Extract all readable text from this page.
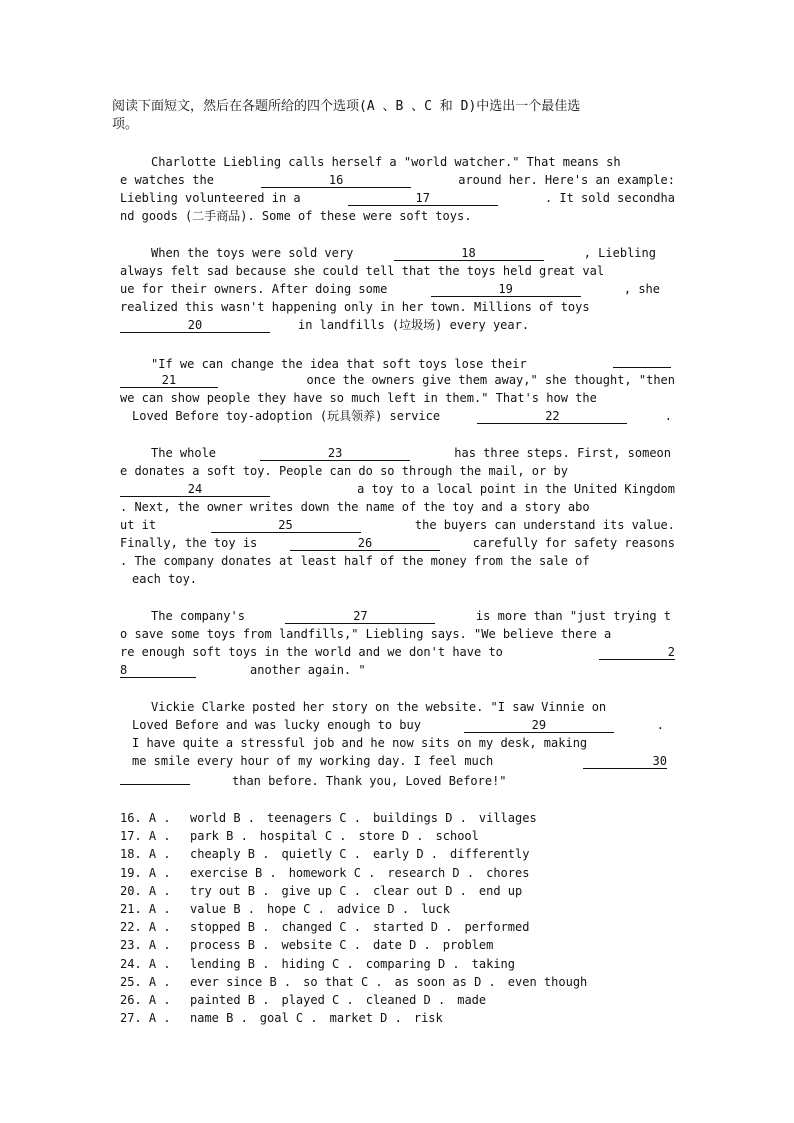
阅读下面短文，然后在各题所给的四个选项(A 、B 、C 和 D)中选出一个最佳选
项。
Charlotte Liebling calls herself a "world watcher." That means sh
e watches the	16	around her. Here's an example:
Liebling volunteered in a	17	. It sold secondha
nd goods (二手商品). Some of these were soft toys.
When the toys were sold very	18	, Liebling
always felt sad because she could tell that the toys held great val
ue for their owners. After doing some	19	, she
realized this wasn't happening only in her town. Millions of toys
20	in landfills (垃圾场) every year.
"If we can change the idea that soft toys lose their
21	once the owners give them away," she thought, "then
we can show people they have so much left in them." That's how the
Loved Before toy-adoption (玩具领养) service	22	.
The whole	23	has three steps. First, someon
e donates a soft toy. People can do so through the mail, or by
24	a toy to a local point in the United Kingdom
. Next, the owner writes down the name of the toy and a story abo
ut it	25	the buyers can understand its value.
Finally, the toy is	26	carefully for safety reasons
. The company donates at least half of the money from the sale of
each toy.
The company's	27	is more than "just trying t
o save some toys from landfills," Liebling says. "We believe there a
re enough soft toys in the world and we don't have to	2
8	another again. "
Vickie Clarke posted her story on the website. "I saw Vinnie on
Loved Before and was lucky enough to buy	29	.
I have quite a stressful job and he now sits on my desk, making
me smile every hour of my working day. I feel much	30
than before. Thank you, Loved Before!"
16. A . world B . teenagers C . buildings D . villages
17. A . park B . hospital C . store D . school
18. A . cheaply B . quietly C . early D . differently
19. A . exercise B . homework C . research D . chores
20. A . try out B . give up C . clear out D . end up
21. A . value B . hope C . advice D . luck
22. A . stopped B . changed C . started D . performed
23. A . process B . website C . date D . problem
24. A . lending B . hiding C . comparing D . taking
25. A . ever since B . so that C . as soon as D . even though
26. A . painted B . played C . cleaned D . made
27. A . name B . goal C . market D . risk
